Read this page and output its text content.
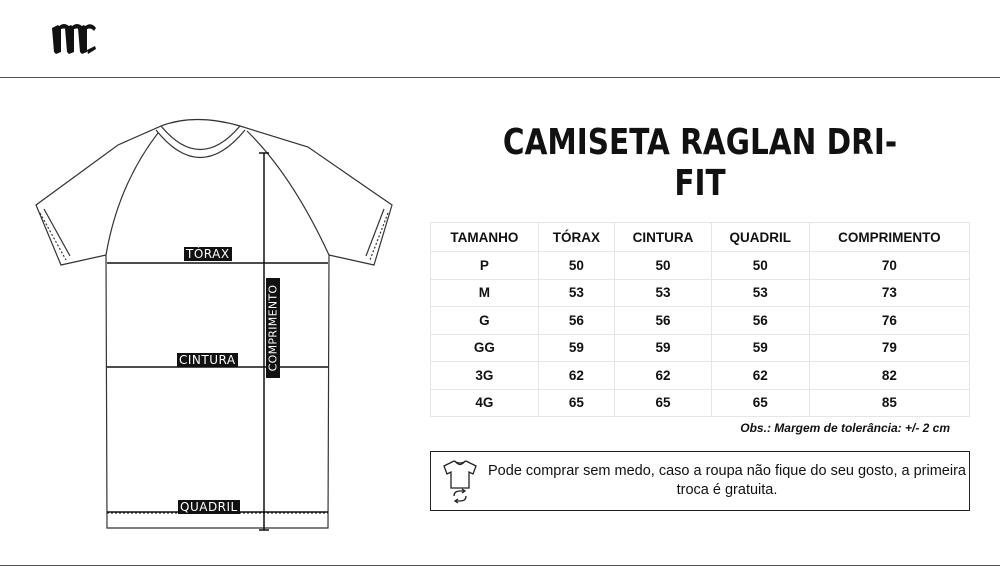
TÓRAX
CINTURA
QUADRIL
COMPRIMENTO
CAMISETA RAGLAN DRI-FIT
TAMANHO	TÓRAX	CINTURA	QUADRIL	COMPRIMENTO
P	50	50	50	70
M	53	53	53	73
G	56	56	56	76
GG	59	59	59	79
3G	62	62	62	82
4G	65	65	65	85
Obs.: Margem de tolerância: +/- 2 cm
Pode comprar sem medo, caso a roupa não fique do seu gosto, a primeira troca é gratuita.
